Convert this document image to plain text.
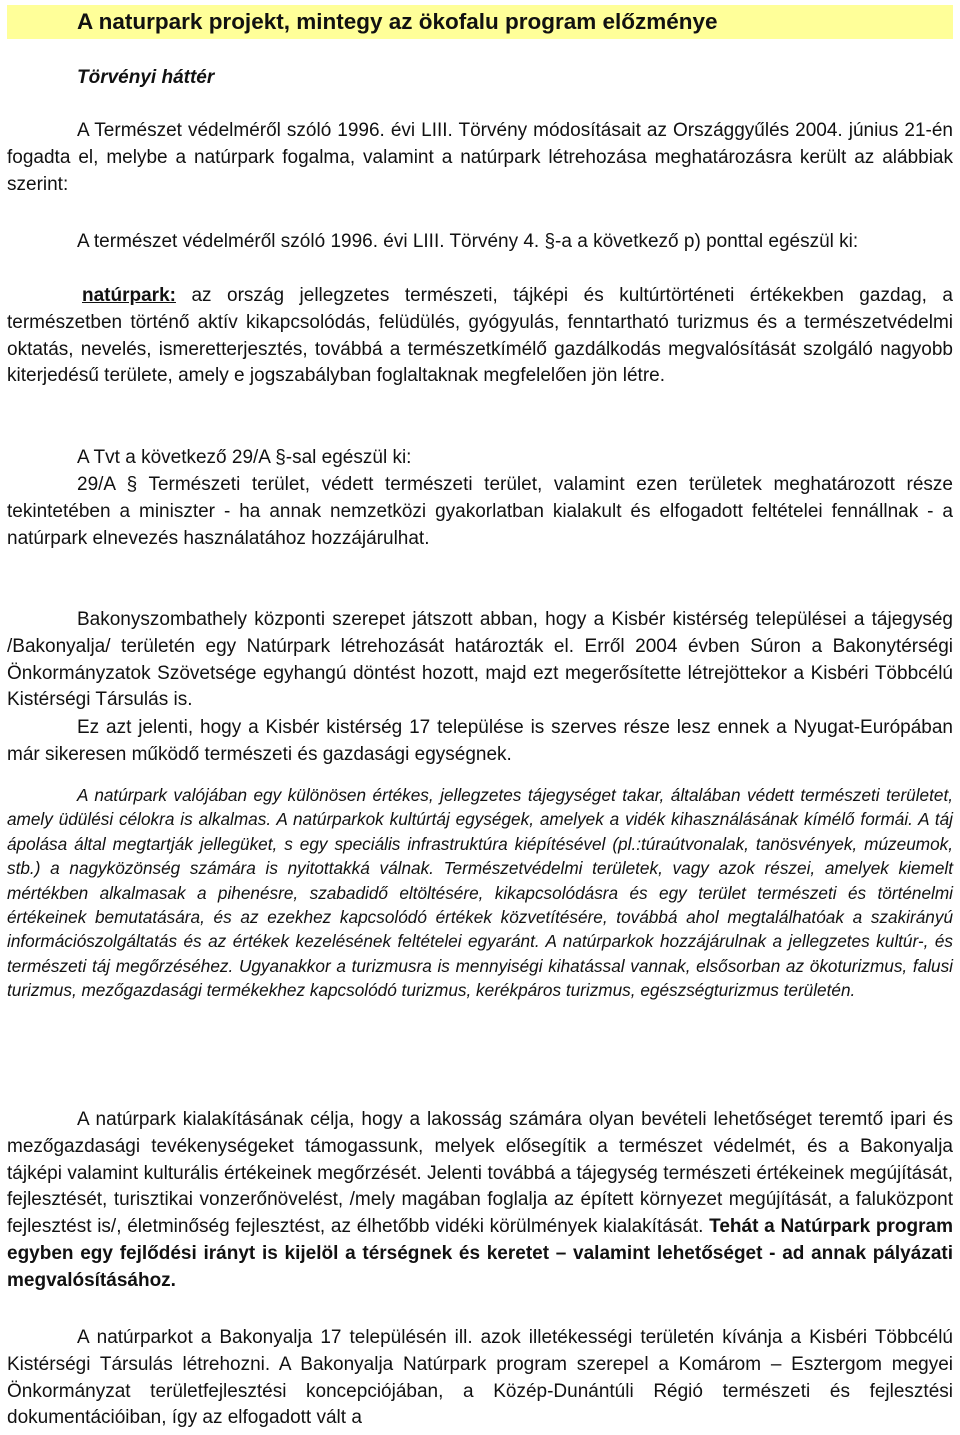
A naturpark projekt, mintegy az ökofalu program előzménye
Törvényi háttér

A Természet védelméről szóló 1996. évi LIII. Törvény módosításait az Országgyűlés 2004. június 21-én fogadta el, melybe a natúrpark fogalma, valamint a natúrpark létrehozása meghatározásra került az alábbiak szerint:

A természet védelméről szóló 1996. évi LIII. Törvény 4. §-a a következő p) ponttal egészül ki:

natúrpark: az ország jellegzetes természeti, tájképi és kultúrtörténeti értékekben gazdag, a természetben történő aktív kikapcsolódás, felüdülés, gyógyulás, fenntartható turizmus és a természetvédelmi oktatás, nevelés, ismeretterjesztés, továbbá a természetkímélő gazdálkodás megvalósítását szolgáló nagyobb kiterjedésű területe, amely e jogszabályban foglaltaknak megfelelően jön létre.

A Tvt a következő 29/A §-sal egészül ki:

29/A § Természeti terület, védett természeti terület, valamint ezen területek meghatározott része tekintetében a miniszter - ha annak nemzetközi gyakorlatban kialakult és elfogadott feltételei fennállnak - a natúrpark elnevezés használatához hozzájárulhat.

Bakonyszombathely központi szerepet játszott abban, hogy a Kisbér kistérség települései a tájegység /Bakonyalja/ területén egy Natúrpark létrehozását határozták el. Erről 2004 évben Súron a Bakonytérségi Önkormányzatok Szövetsége egyhangú döntést hozott, majd ezt megerősítette létrejöttekor a Kisbéri Többcélú Kistérségi Társulás is.

Ez azt jelenti, hogy a Kisbér kistérség 17 települése is szerves része lesz ennek a Nyugat-Európában már sikeresen működő természeti és gazdasági egységnek.

A natúrpark valójában egy különösen értékes, jellegzetes tájegységet takar, általában védett természeti területet, amely üdülési célokra is alkalmas. A natúrparkok kultúrtáj egységek, amelyek a vidék kihasználásának kímélő formái. A táj ápolása által megtartják jellegüket, s egy speciális infrastruktúra kiépítésével (pl.:túraútvonalak, tanösvények, múzeumok, stb.) a nagyközönség számára is nyitottakká válnak. Természetvédelmi területek, vagy azok részei, amelyek kiemelt mértékben alkalmasak a pihenésre, szabadidő eltöltésére, kikapcsolódásra és egy terület természeti és történelmi értékeinek bemutatására, és az ezekhez kapcsolódó értékek közvetítésére, továbbá ahol megtalálhatóak a szakirányú információszolgáltatás és az értékek kezelésének feltételei egyaránt. A natúrparkok hozzájárulnak a jellegzetes kultúr-, és természeti táj megőrzéséhez. Ugyanakkor a turizmusra is mennyiségi kihatással vannak, elsősorban az ökoturizmus, falusi turizmus, mezőgazdasági termékekhez kapcsolódó turizmus, kerékpáros turizmus, egészségturizmus területén.

A natúrpark kialakításának célja, hogy a lakosság számára olyan bevételi lehetőséget teremtő ipari és mezőgazdasági tevékenységeket támogassunk, melyek elősegítik a természet védelmét, és a Bakonyalja tájképi valamint kulturális értékeinek megőrzését. Jelenti továbbá a tájegység természeti értékeinek megújítását, fejlesztését, turisztikai vonzerőnövelést, /mely magában foglalja az épített környezet megújítását, a faluközpont fejlesztést is/, életminőség fejlesztést, az élhetőbb vidéki körülmények kialakítását. Tehát a Natúrpark program egyben egy fejlődési irányt is kijelöl a térségnek és keretet – valamint lehetőséget - ad annak pályázati megvalósításához.

A natúrparkot a Bakonyalja 17 településén ill. azok illetékességi területén kívánja a Kisbéri Többcélú Kistérségi Társulás létrehozni. A Bakonyalja Natúrpark program szerepel a Komárom – Esztergom megyei Önkormányzat területfejlesztési koncepciójában, a Közép-Dunántúli Régió természeti és fejlesztési dokumentációiban, így az elfogadott vált a
